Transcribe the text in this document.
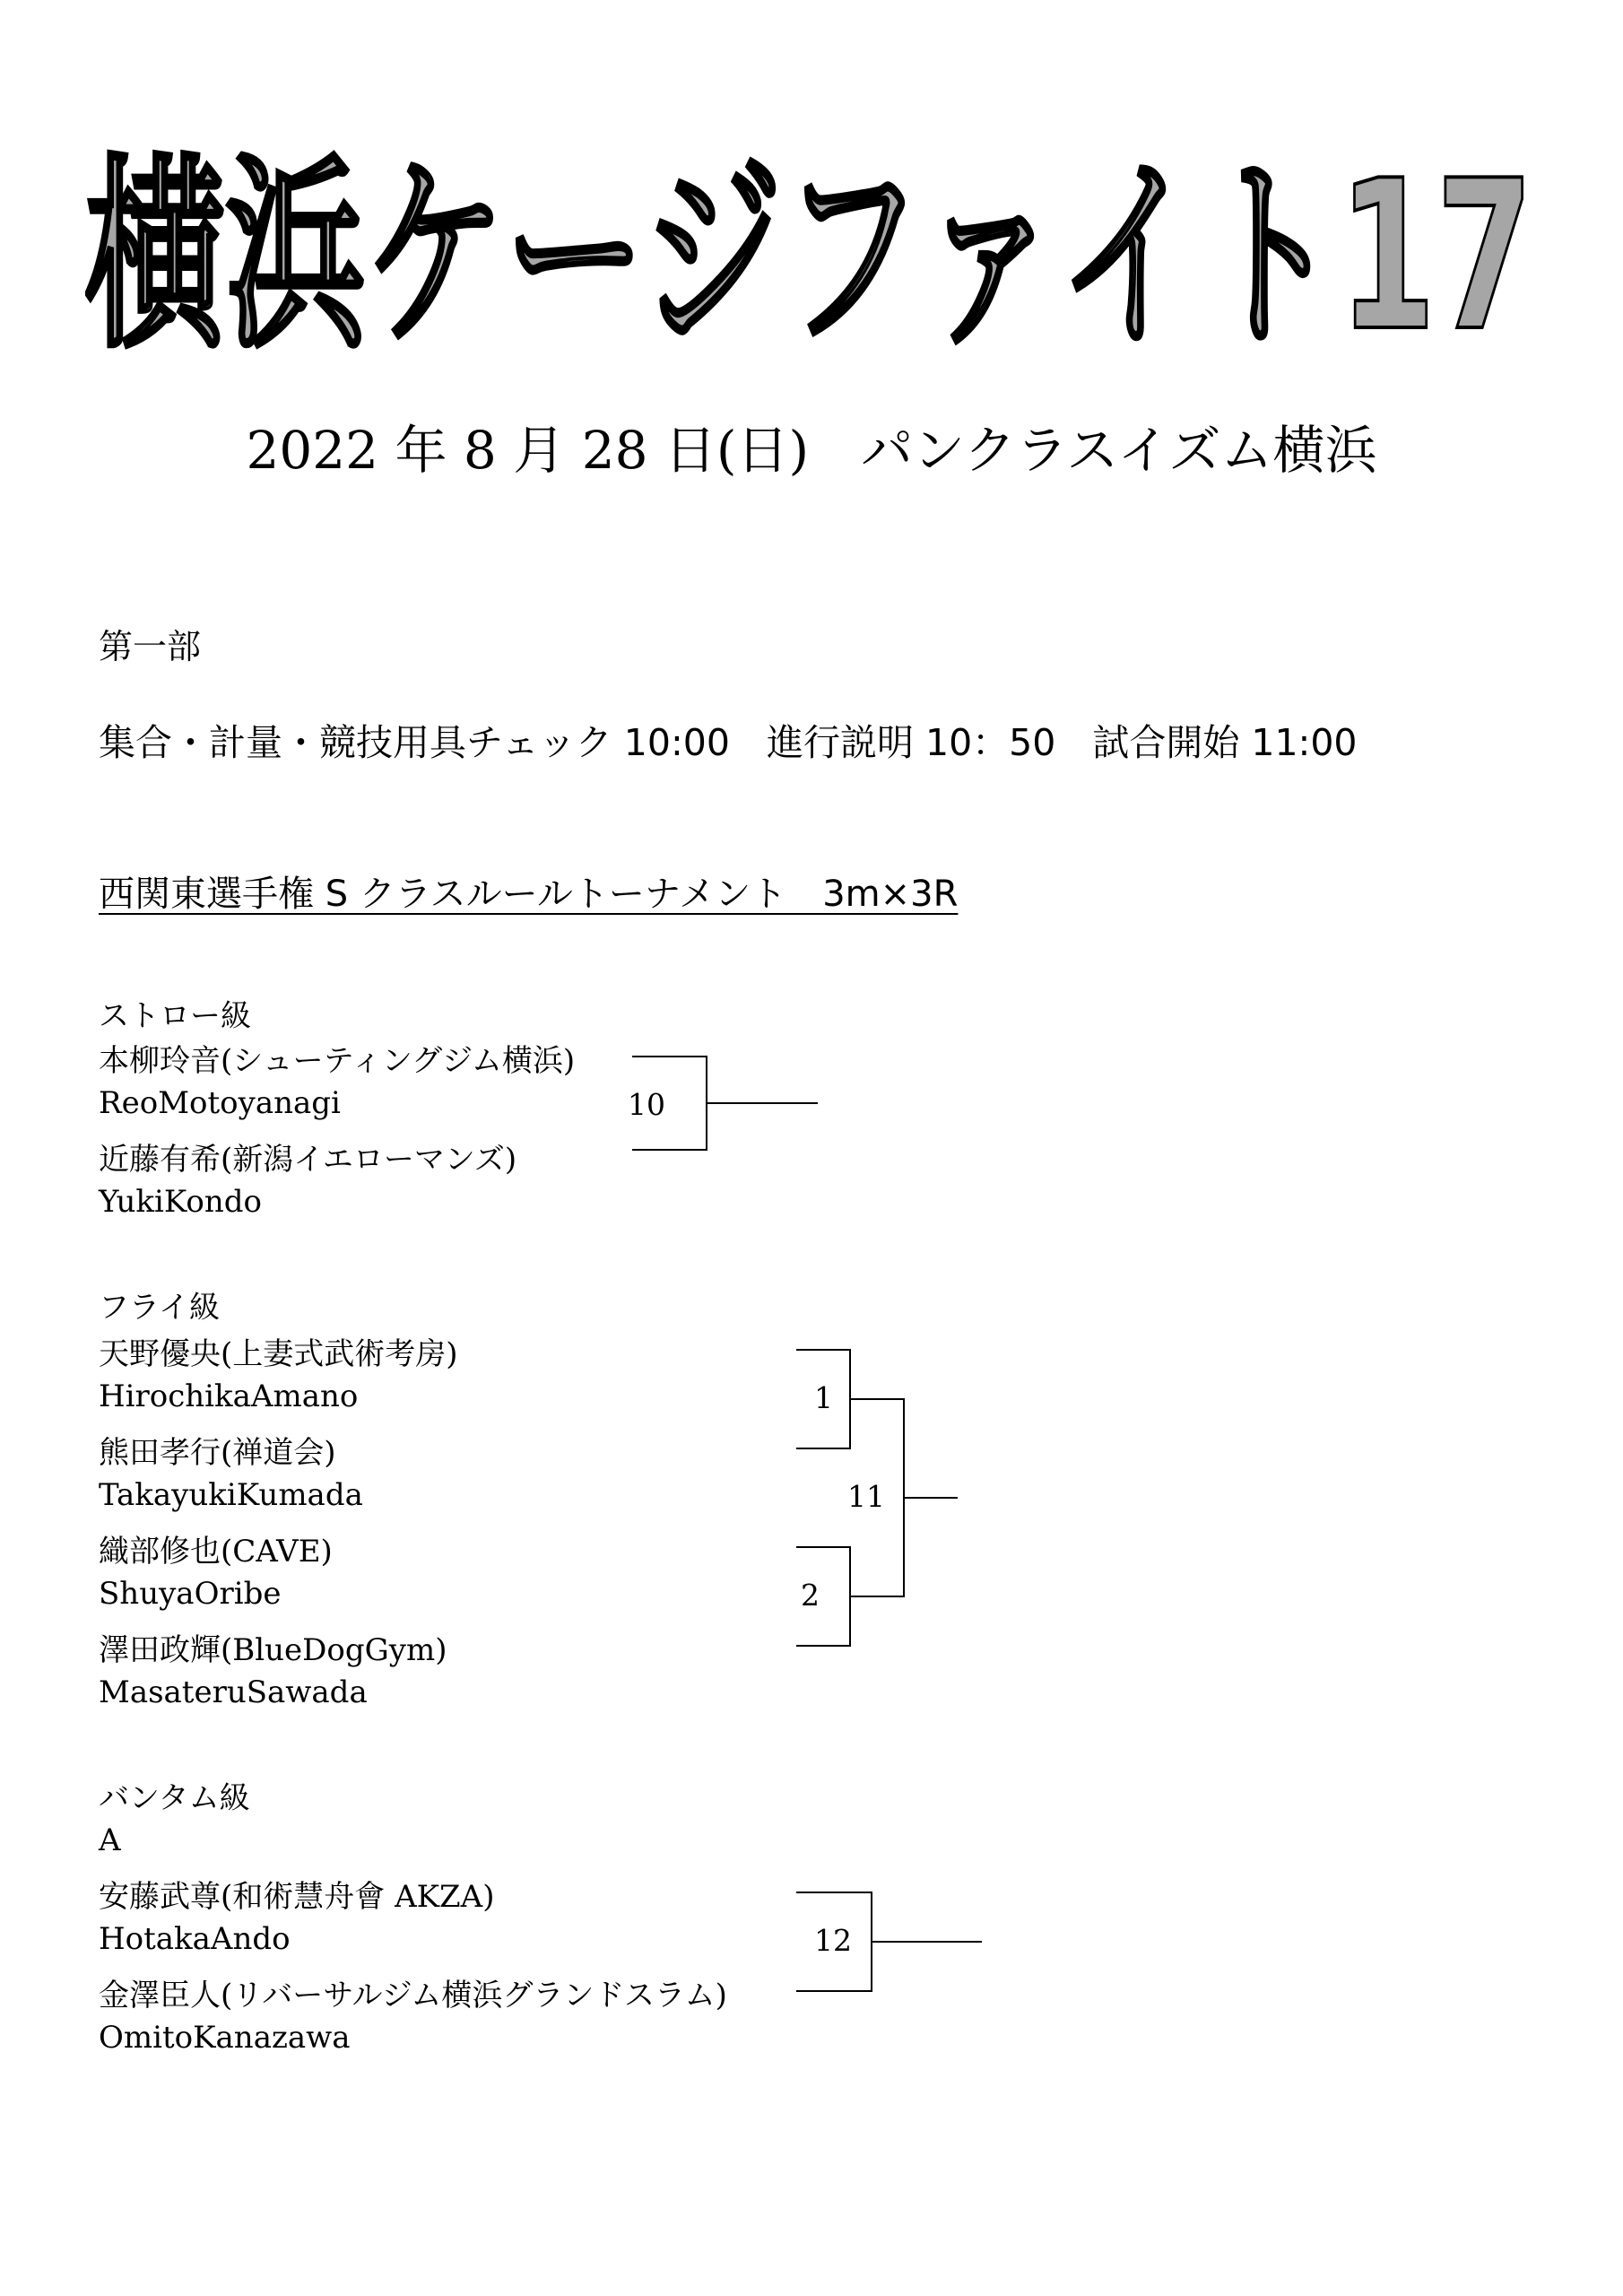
横浜ケージファイト17
2022 年 8 月 28 日(日)　パンクラスイズム横浜
第一部
集合・計量・競技用具チェック 10:00　進行説明 10：50　試合開始 11:00
西関東選手権 S クラスルールトーナメント　3m×3R
ストロー級
本柳玲音(シューティングジム横浜)
ReoMotoyanagi
近藤有希(新潟イエローマンズ)
YukiKondo
10
フライ級
天野優央(上妻式武術考房)
HirochikaAmano
熊田孝行(禅道会)
TakayukiKumada
織部修也(CAVE)
ShuyaOribe
澤田政輝(BlueDogGym)
MasateruSawada
1
2
11
バンタム級
A
安藤武尊(和術慧舟會 AKZA)
HotakaAndo
金澤臣人(リバーサルジム横浜グランドスラム)
OmitoKanazawa
12
